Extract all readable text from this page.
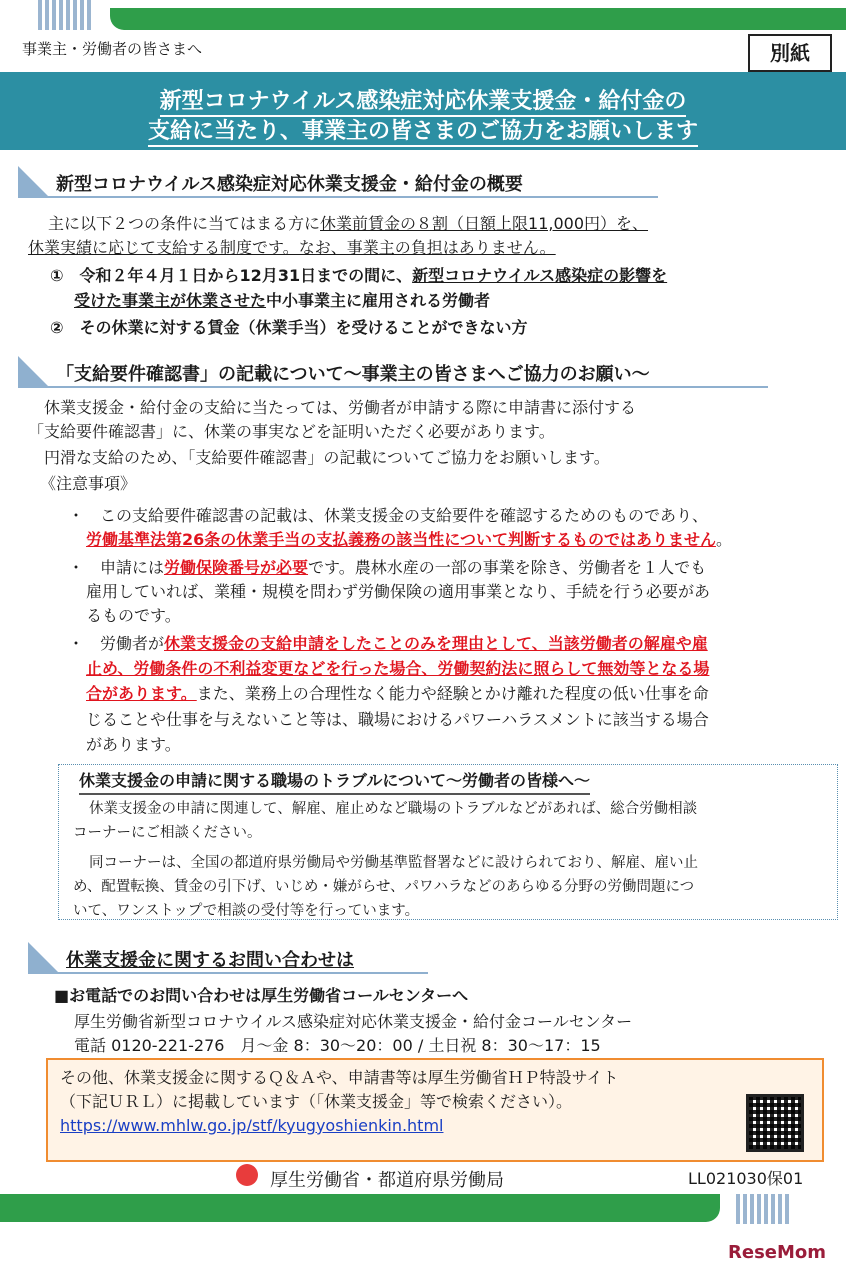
事業主・労働者の皆さまへ	別紙
新型コロナウイルス感染症対応休業支援金・給付金の
支給に当たり、事業主の皆さまのご協力をお願いします
新型コロナウイルス感染症対応休業支援金・給付金の概要
主に以下２つの条件に当てはまる方に休業前賃金の８割（日額上限11,000円）を、
休業実績に応じて支給する制度です。なお、事業主の負担はありません。
①　令和２年４月１日から12月31日までの間に、新型コロナウイルス感染症の影響を
受けた事業主が休業させた中小事業主に雇用される労働者
②　その休業に対する賃金（休業手当）を受けることができない方
「支給要件確認書」の記載について～事業主の皆さまへご協力のお願い～
休業支援金・給付金の支給に当たっては、労働者が申請する際に申請書に添付する
「支給要件確認書」に、休業の事実などを証明いただく必要があります。
円滑な支給のため、「支給要件確認書」の記載についてご協力をお願いします。
《注意事項》
・　この支給要件確認書の記載は、休業支援金の支給要件を確認するためのものであり、
労働基準法第26条の休業手当の支払義務の該当性について判断するものではありません。
・　申請には労働保険番号が必要です。農林水産の一部の事業を除き、労働者を１人でも
雇用していれば、業種・規模を問わず労働保険の適用事業となり、手続を行う必要があ
るものです。
・　労働者が休業支援金の支給申請をしたことのみを理由として、当該労働者の解雇や雇
止め、労働条件の不利益変更などを行った場合、労働契約法に照らして無効等となる場
合があります。また、業務上の合理性なく能力や経験とかけ離れた程度の低い仕事を命
じることや仕事を与えないこと等は、職場におけるパワーハラスメントに該当する場合
があります。
休業支援金の申請に関する職場のトラブルについて～労働者の皆様へ～
休業支援金の申請に関連して、解雇、雇止めなど職場のトラブルなどがあれば、総合労働相談
コーナーにご相談ください。
同コーナーは、全国の都道府県労働局や労働基準監督署などに設けられており、解雇、雇い止
め、配置転換、賃金の引下げ、いじめ・嫌がらせ、パワハラなどのあらゆる分野の労働問題につ
いて、ワンストップで相談の受付等を行っています。
休業支援金に関するお問い合わせは
■お電話でのお問い合わせは厚生労働省コールセンターへ
厚生労働省新型コロナウイルス感染症対応休業支援金・給付金コールセンター
電話 0120-221-276　月～金 8：30～20：00 / 土日祝 8：30～17：15
その他、休業支援金に関するＱ＆Ａや、申請書等は厚生労働省ＨＰ特設サイト
（下記ＵＲＬ）に掲載しています（「休業支援金」等で検索ください）。
https://www.mhlw.go.jp/stf/kyugyoshienkin.html
厚生労働省・都道府県労働局	LL021030保01
ReseMom
